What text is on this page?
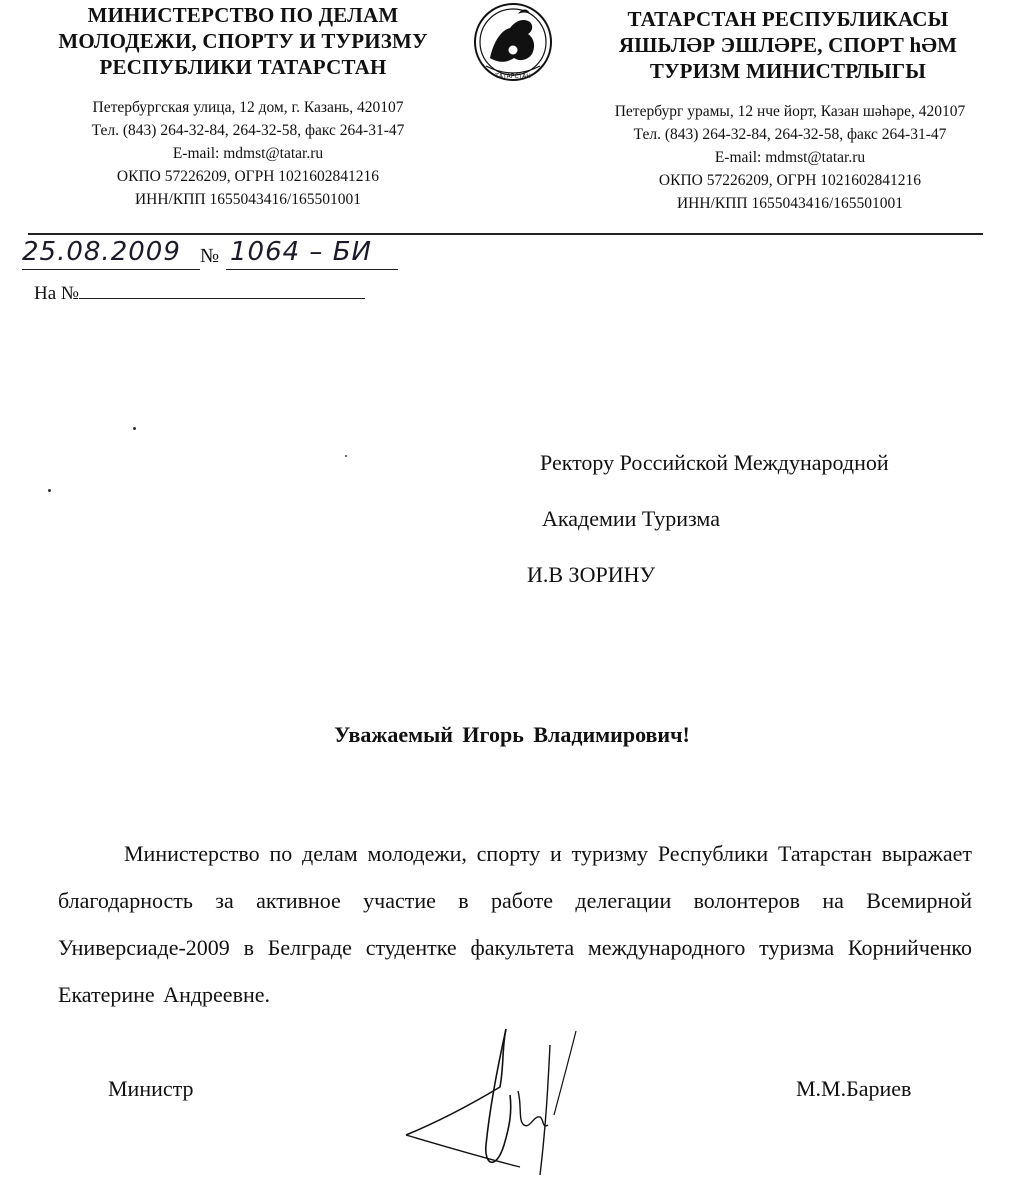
МИНИСТЕРСТВО ПО ДЕЛАМ
МОЛОДЕЖИ, СПОРТУ И ТУРИЗМУ
РЕСПУБЛИКИ ТАТАРСТАН
Петербургская улица, 12 дом, г. Казань, 420107
Тел. (843) 264-32-84, 264-32-58, факс 264-31-47
E-mail: mdmst@tatar.ru
ОКПО 57226209, ОГРН 1021602841216
ИНН/КПП 1655043416/165501001
ТАТАРСТАН
ТАТАРСТАН РЕСПУБЛИКАСЫ
ЯШЬЛӘР ЭШЛӘРЕ, СПОРТ һӘМ
ТУРИЗМ МИНИСТРЛЫГЫ
Петербург урамы, 12 нче йорт, Казан шәһәре, 420107
Тел. (843) 264-32-84, 264-32-58, факс 264-31-47
E-mail: mdmst@tatar.ru
ОКПО 57226209, ОГРН 1021602841216
ИНН/КПП 1655043416/165501001
25.08.2009 № 1064 – БИ
На №
Ректору Российской Международной
Академии Туризма
И.В ЗОРИНУ
Уважаемый Игорь Владимирович!
Министерство по делам молодежи, спорту и туризму Республики Татарстан выражает благодарность за активное участие в работе делегации волонтеров на Всемирной Универсиаде-2009 в Белграде студентке факультета международного туризма Корнийченко Екатерине Андреевне.
Министр	М.М.Бариев
